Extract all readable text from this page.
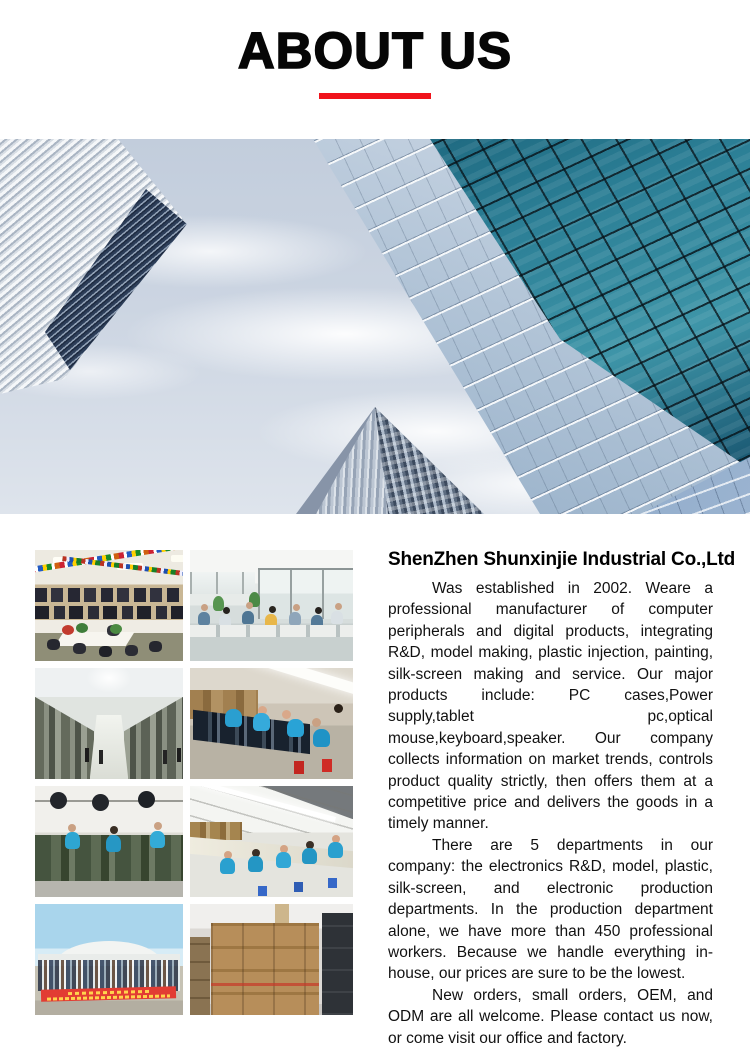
ABOUT US
ShenZhen Shunxinjie Industrial Co.,Ltd

Was established in 2002. Weare a professional manufacturer of computer peripherals and digital products, integrating R&D, model making, plastic injection, painting, silk-screen making and service. Our major products include: PC cases,Power supply,tablet pc,optical mouse,keyboard,speaker. Our company collects information on market trends, controls product quality strictly, then offers them at a competitive price and delivers the goods in a timely manner.

There are 5 departments in our company: the electronics R&D, model, plastic, silk-screen, and electronic production departments. In the production department alone, we have more than 450 professional workers. Because we handle everything in-house, our prices are sure to be the lowest.

New orders, small orders, OEM, and ODM are all welcome. Please contact us now, or come visit our office and factory.
